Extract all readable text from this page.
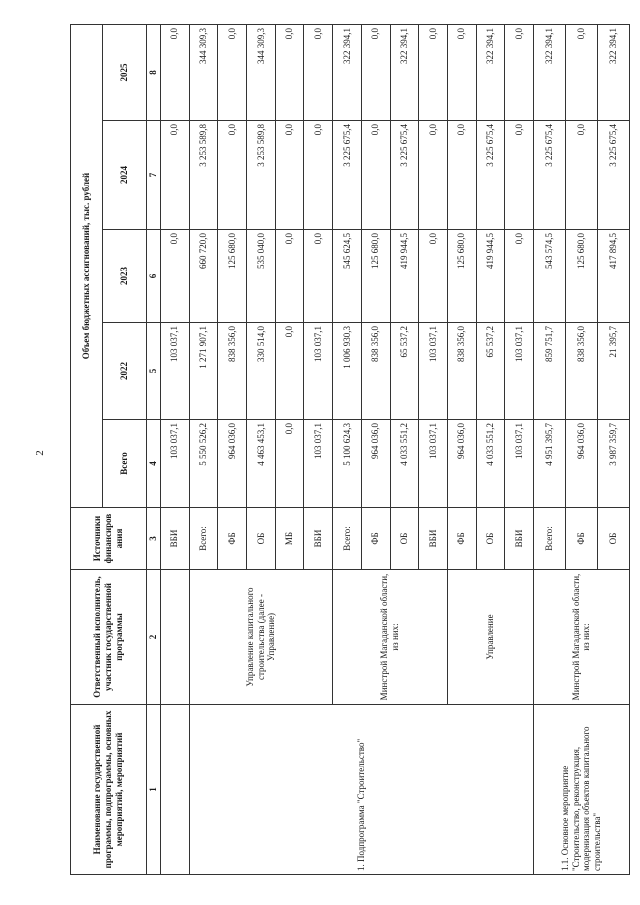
2
Наименование государственной программы, подпрограммы, основных мероприятий, мероприятий	Ответственный исполнитель, участник государственной программы	Источники финансиров ания	Объем бюджетных ассигнований, тыс. рублей				
			Всего	2022	2023	2024	2025
1	2	3	4	5	6	7	8
		ВБИ	103 037,1	103 037,1	0,0	0,0	0,0
1. Подпрограмма "Строительство"	Управление капитального строительства (далее - Управление)	Всего:	5 550 526,2	1 271 907,1	660 720,0	3 253 589,8	344 309,3
		ФБ	964 036,0	838 356,0	125 680,0	0,0	0,0
		ОБ	4 463 453,1	330 514,0	535 040,0	3 253 589,8	344 309,3
		МБ	0,0	0,0	0,0	0,0	0,0
		ВБИ	103 037,1	103 037,1	0,0	0,0	0,0
	Минстрой Магаданской области, из них:	Всего:	5 100 624,3	1 006 930,3	545 624,5	3 225 675,4	322 394,1
		ФБ	964 036,0	838 356,0	125 680,0	0,0	0,0
		ОБ	4 033 551,2	65 537,2	419 944,5	3 225 675,4	322 394,1
		ВБИ	103 037,1	103 037,1	0,0	0,0	0,0
	Управление	ФБ	964 036,0	838 356,0	125 680,0	0,0	0,0
		ОБ	4 033 551,2	65 537,2	419 944,5	3 225 675,4	322 394,1
		ВБИ	103 037,1	103 037,1	0,0	0,0	0,0
1.1. Основное мероприятие "Строительство, реконструкция, модернизация объектов капитального строительства"	Минстрой Магаданской области, из них:	Всего:	4 951 395,7	859 751,7	543 574,5	3 225 675,4	322 394,1
		ФБ	964 036,0	838 356,0	125 680,0	0,0	0,0
		ОБ	3 987 359,7	21 395,7	417 894,5	3 225 675,4	322 394,1
